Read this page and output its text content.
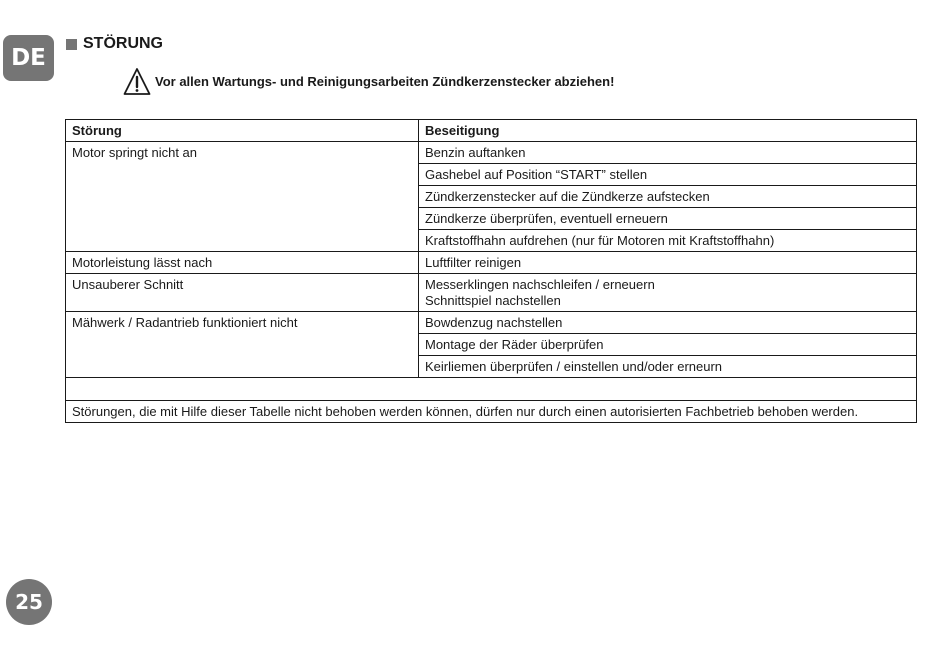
DE
STÖRUNG
Vor allen Wartungs- und Reinigungsarbeiten Zündkerzenstecker abziehen!
Störung	Beseitigung
Motor springt nicht an	Benzin auftanken
	Gashebel auf Position “START” stellen
	Zündkerzenstecker auf die Zündkerze aufstecken
	Zündkerze überprüfen, eventuell erneuern
	Kraftstoffhahn aufdrehen (nur für Motoren mit Kraftstoffhahn)
Motorleistung lässt nach	Luftfilter reinigen
Unsauberer Schnitt	Messerklingen nachschleifen / erneuern
Schnittspiel nachstellen

Mähwerk / Radantrieb funktioniert nicht	Bowdenzug nachstellen
	Montage der Räder überprüfen
	Keirliemen überprüfen / einstellen und/oder erneurn

Störungen, die mit Hilfe dieser Tabelle nicht behoben werden können, dürfen nur durch einen autorisierten Fachbetrieb behoben werden.	
25
